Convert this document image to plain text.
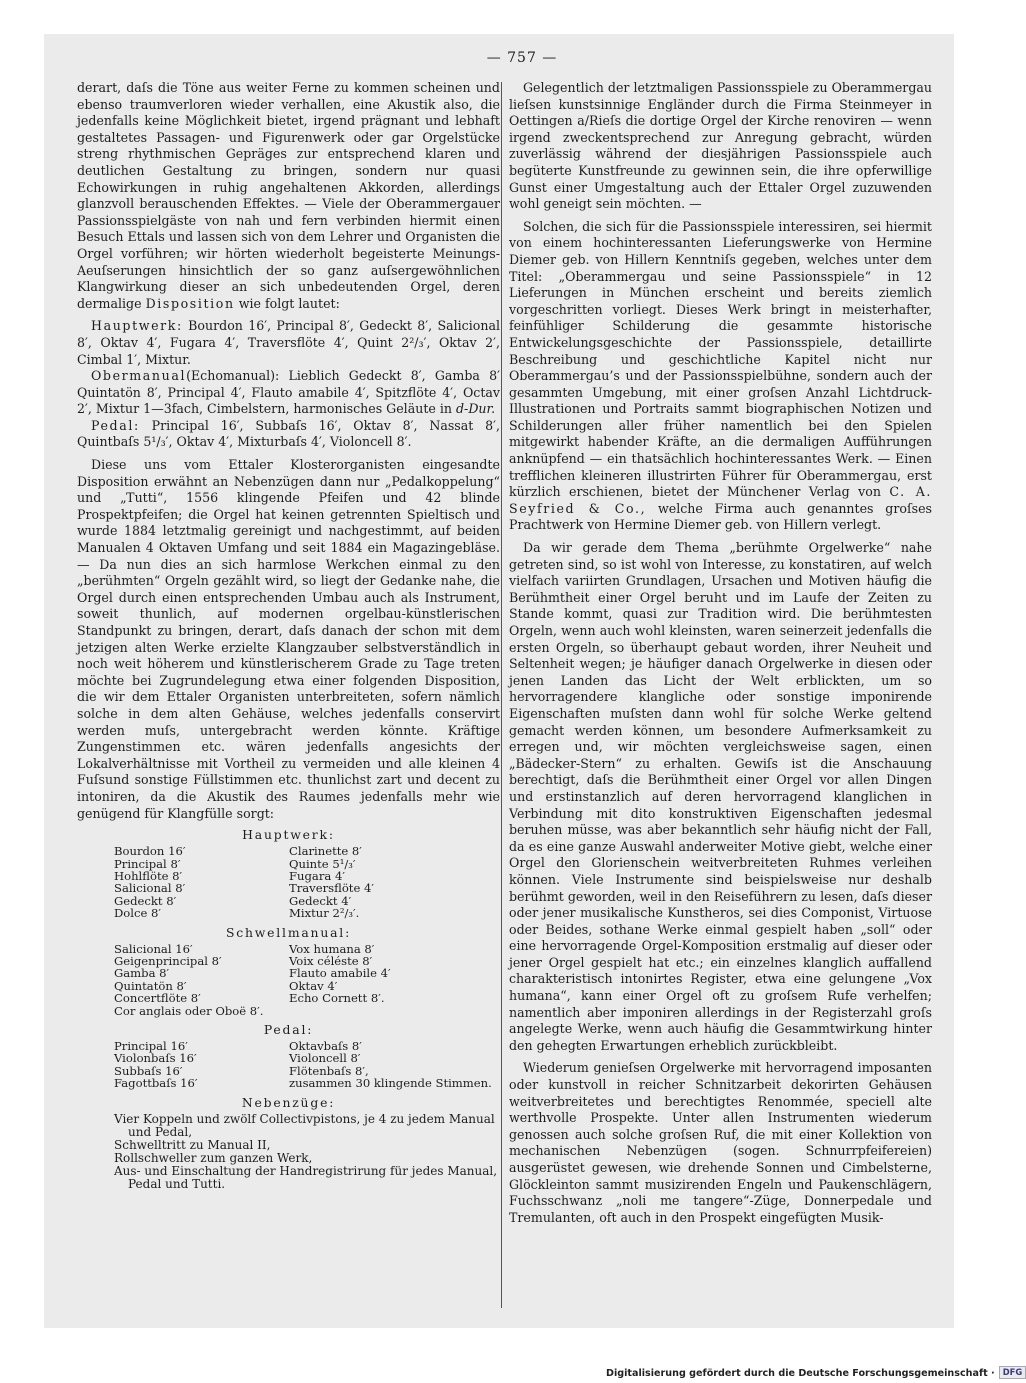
— 757 —

derart, daſs die Töne aus weiter Ferne zu kommen scheinen und ebenso traumverloren wieder verhallen, eine Akustik also, die jedenfalls keine Möglichkeit bietet, irgend prägnant und lebhaft gestaltetes Passagen- und Figurenwerk oder gar Orgelstücke streng rhythmischen Gepräges zur entsprechend klaren und deutlichen Gestaltung zu bringen, sondern nur quasi Echowirkungen in ruhig angehaltenen Akkorden, allerdings glanzvoll berauschenden Effektes. — Viele der Oberammergauer Passionsspielgäste von nah und fern verbinden hiermit einen Besuch Ettals und lassen sich von dem Lehrer und Organisten die Orgel vorführen; wir hörten wiederholt begeisterte Meinungs-Aeuſserungen hinsichtlich der so ganz auſsergewöhnlichen Klangwirkung dieser an sich unbedeutenden Orgel, deren dermalige Disposition wie folgt lautet:

Hauptwerk: Bourdon 16′, Principal 8′, Gedeckt 8′, Salicional 8′, Oktav 4′, Fugara 4′, Traversflöte 4′, Quint 2²/₃′, Oktav 2′, Cimbal 1′, Mixtur.

Obermanual(Echomanual): Lieblich Gedeckt 8′, Gamba 8′ Quintatön 8′, Principal 4′, Flauto amabile 4′, Spitzflöte 4′, Octav 2′, Mixtur 1—3fach, Cimbelstern, harmonisches Geläute in d-Dur.

Pedal: Principal 16′, Subbaſs 16′, Oktav 8′, Nassat 8′, Quintbaſs 5¹/₃′, Oktav 4′, Mixturbaſs 4′, Violoncell 8′.

Diese uns vom Ettaler Klosterorganisten eingesandte Disposition erwähnt an Nebenzügen dann nur „Pedalkoppelung“ und „Tutti“, 1556 klingende Pfeifen und 42 blinde Prospektpfeifen; die Orgel hat keinen getrennten Spieltisch und wurde 1884 letztmalig gereinigt und nachgestimmt, auf beiden Manualen 4 Oktaven Umfang und seit 1884 ein Magazingebläse. — Da nun dies an sich harmlose Werkchen einmal zu den „berühmten“ Orgeln gezählt wird, so liegt der Gedanke nahe, die Orgel durch einen entsprechenden Umbau auch als Instrument, soweit thunlich, auf modernen orgelbau-künstlerischen Standpunkt zu bringen, derart, daſs danach der schon mit dem jetzigen alten Werke erzielte Klangzauber selbstverständlich in noch weit höherem und künstlerischerem Grade zu Tage treten möchte bei Zugrundelegung etwa einer folgenden Disposition, die wir dem Ettaler Organisten unterbreiteten, sofern nämlich solche in dem alten Gehäuse, welches jedenfalls conservirt werden muſs, untergebracht werden könnte. Kräftige Zungenstimmen etc. wären jedenfalls angesichts der Lokalverhältnisse mit Vortheil zu vermeiden und alle kleinen 4 Fuſsund sonstige Füllstimmen etc. thunlichst zart und decent zu intoniren, da die Akustik des Raumes jedenfalls mehr wie genügend für Klangfülle sorgt:

Hauptwerk:
Bourdon 16′	Clarinette 8′
Principal 8′	Quinte 5¹/₃′
Hohlflöte 8′	Fugara 4′
Salicional 8′	Traversflöte 4′
Gedeckt 8′	Gedeckt 4′
Dolce 8′	Mixtur 2²/₃′.
Schwellmanual:
Salicional 16′	Vox humana 8′
Geigenprincipal 8′	Voix céléste 8′
Gamba 8′	Flauto amabile 4′
Quintatön 8′	Oktav 4′
Concertflöte 8′	Echo Cornett 8′.
Cor anglais oder Oboë 8′.
Pedal:
Principal 16′	Oktavbaſs 8′
Violonbaſs 16′	Violoncell 8′
Subbaſs 16′	Flötenbaſs 8′,
Fagottbaſs 16′	zusammen 30 klingende Stimmen.
Nebenzüge:

Vier Koppeln und zwölf Collectivpistons, je 4 zu jedem Manual und Pedal,

Schwelltritt zu Manual II,

Rollschweller zum ganzen Werk,

Aus- und Einschaltung der Handregistrirung für jedes Manual, Pedal und Tutti.

Gelegentlich der letztmaligen Passionsspiele zu Oberammergau lieſsen kunstsinnige Engländer durch die Firma Steinmeyer in Oettingen a/Rieſs die dortige Orgel der Kirche renoviren — wenn irgend zweckentsprechend zur Anregung gebracht, würden zuverlässig während der diesjährigen Passionsspiele auch begüterte Kunstfreunde zu gewinnen sein, die ihre opferwillige Gunst einer Umgestaltung auch der Ettaler Orgel zuzuwenden wohl geneigt sein möchten. —

Solchen, die sich für die Passionsspiele interessiren, sei hiermit von einem hochinteressanten Lieferungswerke von Hermine Diemer geb. von Hillern Kenntniſs gegeben, welches unter dem Titel: „Oberammergau und seine Passionsspiele“ in 12 Lieferungen in München erscheint und bereits ziemlich vorgeschritten vorliegt. Dieses Werk bringt in meisterhafter, feinfühliger Schilderung die gesammte historische Entwickelungsgeschichte der Passionsspiele, detaillirte Beschreibung und geschichtliche Kapitel nicht nur Oberammergau’s und der Passionsspielbühne, sondern auch der gesammten Umgebung, mit einer groſsen Anzahl Lichtdruck-Illustrationen und Portraits sammt biographischen Notizen und Schilderungen aller früher namentlich bei den Spielen mitgewirkt habender Kräfte, an die dermaligen Aufführungen anknüpfend — ein thatsächlich hochinteressantes Werk. — Einen trefflichen kleineren illustrirten Führer für Oberammergau, erst kürzlich erschienen, bietet der Münchener Verlag von C. A. Seyfried & Co., welche Firma auch genanntes groſses Prachtwerk von Hermine Diemer geb. von Hillern verlegt.

Da wir gerade dem Thema „berühmte Orgelwerke“ nahe getreten sind, so ist wohl von Interesse, zu konstatiren, auf welch vielfach variirten Grundlagen, Ursachen und Motiven häufig die Berühmtheit einer Orgel beruht und im Laufe der Zeiten zu Stande kommt, quasi zur Tradition wird. Die berühmtesten Orgeln, wenn auch wohl kleinsten, waren seinerzeit jedenfalls die ersten Orgeln, so überhaupt gebaut worden, ihrer Neuheit und Seltenheit wegen; je häufiger danach Orgelwerke in diesen oder jenen Landen das Licht der Welt erblickten, um so hervorragendere klangliche oder sonstige imponirende Eigenschaften muſsten dann wohl für solche Werke geltend gemacht werden können, um besondere Aufmerksamkeit zu erregen und, wir möchten vergleichsweise sagen, einen „Bädecker-Stern“ zu erhalten. Gewiſs ist die Anschauung berechtigt, daſs die Berühmtheit einer Orgel vor allen Dingen und erstinstanzlich auf deren hervorragend klanglichen in Verbindung mit dito konstruktiven Eigenschaften jedesmal beruhen müsse, was aber bekanntlich sehr häufig nicht der Fall, da es eine ganze Auswahl anderweiter Motive giebt, welche einer Orgel den Glorienschein weitverbreiteten Ruhmes verleihen können. Viele Instrumente sind beispielsweise nur deshalb berühmt geworden, weil in den Reiseführern zu lesen, daſs dieser oder jener musikalische Kunstheros, sei dies Componist, Virtuose oder Beides, sothane Werke einmal gespielt haben „soll“ oder eine hervorragende Orgel-Komposition erstmalig auf dieser oder jener Orgel gespielt hat etc.; ein einzelnes klanglich auffallend charakteristisch intonirtes Register, etwa eine gelungene „Vox humana“, kann einer Orgel oft zu groſsem Rufe verhelfen; namentlich aber imponiren allerdings in der Registerzahl groſs angelegte Werke, wenn auch häufig die Gesammtwirkung hinter den gehegten Erwartungen erheblich zurückbleibt.

Wiederum genieſsen Orgelwerke mit hervorragend imposanten oder kunstvoll in reicher Schnitzarbeit dekorirten Gehäusen weitverbreitetes und berechtigtes Renommée, speciell alte werthvolle Prospekte. Unter allen Instrumenten wiederum genossen auch solche groſsen Ruf, die mit einer Kollektion von mechanischen Nebenzügen (sogen. Schnurrpfeifereien) ausgerüstet gewesen, wie drehende Sonnen und Cimbelsterne, Glöckleinton sammt musizirenden Engeln und Paukenschlägern, Fuchsschwanz „noli me tangere“-Züge, Donnerpedale und Tremulanten, oft auch in den Prospekt eingefügten Musik-

Digitalisierung gefördert durch die Deutsche Forschungsgemeinschaft · DFG
